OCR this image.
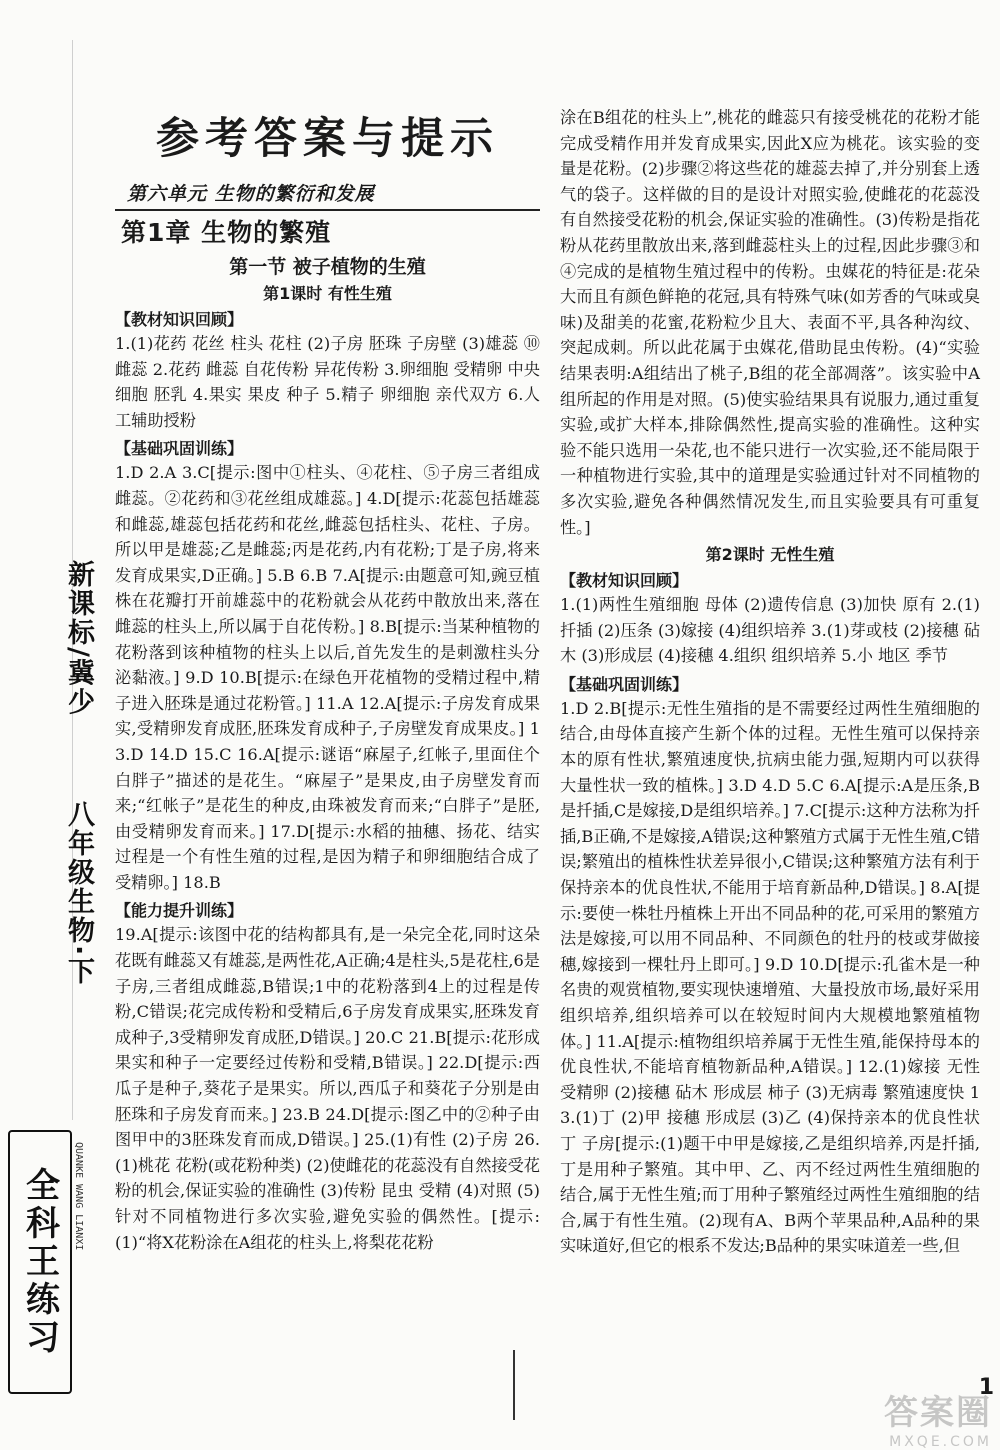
新课标/冀少
八年级生物·下
全科王练习	QUANKE WANG LIANXI
参考答案与提示
第六单元 生物的繁衍和发展
第1章 生物的繁殖
第一节 被子植物的生殖
第1课时 有性生殖
【教材知识回顾】

1.(1)花药 花丝 柱头 花柱 (2)子房 胚珠 子房壁 (3)雄蕊 ⑩ 雌蕊 2.花药 雌蕊 自花传粉 异花传粉 3.卵细胞 受精卵 中央细胞 胚乳 4.果实 果皮 种子 5.精子 卵细胞 亲代双方 6.人工辅助授粉

【基础巩固训练】

1.D 2.A 3.C[提示:图中①柱头、④花柱、⑤子房三者组成雌蕊。②花药和③花丝组成雄蕊。] 4.D[提示:花蕊包括雄蕊和雌蕊,雄蕊包括花药和花丝,雌蕊包括柱头、花柱、子房。所以甲是雄蕊;乙是雌蕊;丙是花药,内有花粉;丁是子房,将来发育成果实,D正确。] 5.B 6.B 7.A[提示:由题意可知,豌豆植株在花瓣打开前雄蕊中的花粉就会从花药中散放出来,落在雌蕊的柱头上,所以属于自花传粉。] 8.B[提示:当某种植物的花粉落到该种植物的柱头上以后,首先发生的是刺激柱头分泌黏液。] 9.D 10.B[提示:在绿色开花植物的受精过程中,精子进入胚珠是通过花粉管。] 11.A 12.A[提示:子房发育成果实,受精卵发育成胚,胚珠发育成种子,子房壁发育成果皮。] 13.D 14.D 15.C 16.A[提示:谜语“麻屋子,红帐子,里面住个白胖子”描述的是花生。“麻屋子”是果皮,由子房壁发育而来;“红帐子”是花生的种皮,由珠被发育而来;“白胖子”是胚,由受精卵发育而来。] 17.D[提示:水稻的抽穗、扬花、结实过程是一个有性生殖的过程,是因为精子和卵细胞结合成了受精卵。] 18.B

【能力提升训练】

19.A[提示:该图中花的结构都具有,是一朵完全花,同时这朵花既有雌蕊又有雄蕊,是两性花,A正确;4是柱头,5是花柱,6是子房,三者组成雌蕊,B错误;1中的花粉落到4上的过程是传粉,C错误;花完成传粉和受精后,6子房发育成果实,胚珠发育成种子,3受精卵发育成胚,D错误。] 20.C 21.B[提示:花形成果实和种子一定要经过传粉和受精,B错误。] 22.D[提示:西瓜子是种子,葵花子是果实。所以,西瓜子和葵花子分别是由胚珠和子房发育而来。] 23.B 24.D[提示:图乙中的②种子由图甲中的3胚珠发育而成,D错误。] 25.(1)有性 (2)子房 26.(1)桃花 花粉(或花粉种类) (2)使雌花的花蕊没有自然接受花粉的机会,保证实验的准确性 (3)传粉 昆虫 受精 (4)对照 (5)针对不同植物进行多次实验,避免实验的偶然性。[提示:(1)“将X花粉涂在A组花的柱头上,将梨花花粉

涂在B组花的柱头上”,桃花的雌蕊只有接受桃花的花粉才能完成受精作用并发育成果实,因此X应为桃花。该实验的变量是花粉。(2)步骤②将这些花的雄蕊去掉了,并分别套上透气的袋子。这样做的目的是设计对照实验,使雌花的花蕊没有自然接受花粉的机会,保证实验的准确性。(3)传粉是指花粉从花药里散放出来,落到雌蕊柱头上的过程,因此步骤③和④完成的是植物生殖过程中的传粉。虫媒花的特征是:花朵大而且有颜色鲜艳的花冠,具有特殊气味(如芳香的气味或臭味)及甜美的花蜜,花粉粒少且大、表面不平,具各种沟纹、突起成刺。所以此花属于虫媒花,借助昆虫传粉。(4)“实验结果表明:A组结出了桃子,B组的花全部凋落”。该实验中A组所起的作用是对照。(5)使实验结果具有说服力,通过重复实验,或扩大样本,排除偶然性,提高实验的准确性。这种实验不能只选用一朵花,也不能只进行一次实验,还不能局限于一种植物进行实验,其中的道理是实验通过针对不同植物的多次实验,避免各种偶然情况发生,而且实验要具有可重复性。]

第2课时 无性生殖
【教材知识回顾】

1.(1)两性生殖细胞 母体 (2)遗传信息 (3)加快 原有 2.(1)扦插 (2)压条 (3)嫁接 (4)组织培养 3.(1)芽或枝 (2)接穗 砧木 (3)形成层 (4)接穗 4.组织 组织培养 5.小 地区 季节

【基础巩固训练】

1.D 2.B[提示:无性生殖指的是不需要经过两性生殖细胞的结合,由母体直接产生新个体的过程。无性生殖可以保持亲本的原有性状,繁殖速度快,抗病虫能力强,短期内可以获得大量性状一致的植株。] 3.D 4.D 5.C 6.A[提示:A是压条,B是扦插,C是嫁接,D是组织培养。] 7.C[提示:这种方法称为扦插,B正确,不是嫁接,A错误;这种繁殖方式属于无性生殖,C错误;繁殖出的植株性状差异很小,C错误;这种繁殖方法有利于保持亲本的优良性状,不能用于培育新品种,D错误。] 8.A[提示:要使一株牡丹植株上开出不同品种的花,可采用的繁殖方法是嫁接,可以用不同品种、不同颜色的牡丹的枝或芽做接穗,嫁接到一棵牡丹上即可。] 9.D 10.D[提示:孔雀木是一种名贵的观赏植物,要实现快速增殖、大量投放市场,最好采用组织培养,组织培养可以在较短时间内大规模地繁殖植物体。] 11.A[提示:植物组织培养属于无性生殖,能保持母本的优良性状,不能培育植物新品种,A错误。] 12.(1)嫁接 无性 受精卵 (2)接穗 砧木 形成层 柿子 (3)无病毒 繁殖速度快 13.(1)丁 (2)甲 接穗 形成层 (3)乙 (4)保持亲本的优良性状 丁 子房[提示:(1)题干中甲是嫁接,乙是组织培养,丙是扦插,丁是用种子繁殖。其中甲、乙、丙不经过两性生殖细胞的结合,属于无性生殖;而丁用种子繁殖经过两性生殖细胞的结合,属于有性生殖。(2)现有A、B两个苹果品种,A品种的果实味道好,但它的根系不发达;B品种的果实味道差一些,但

1
答案圈
MXQE.COM
